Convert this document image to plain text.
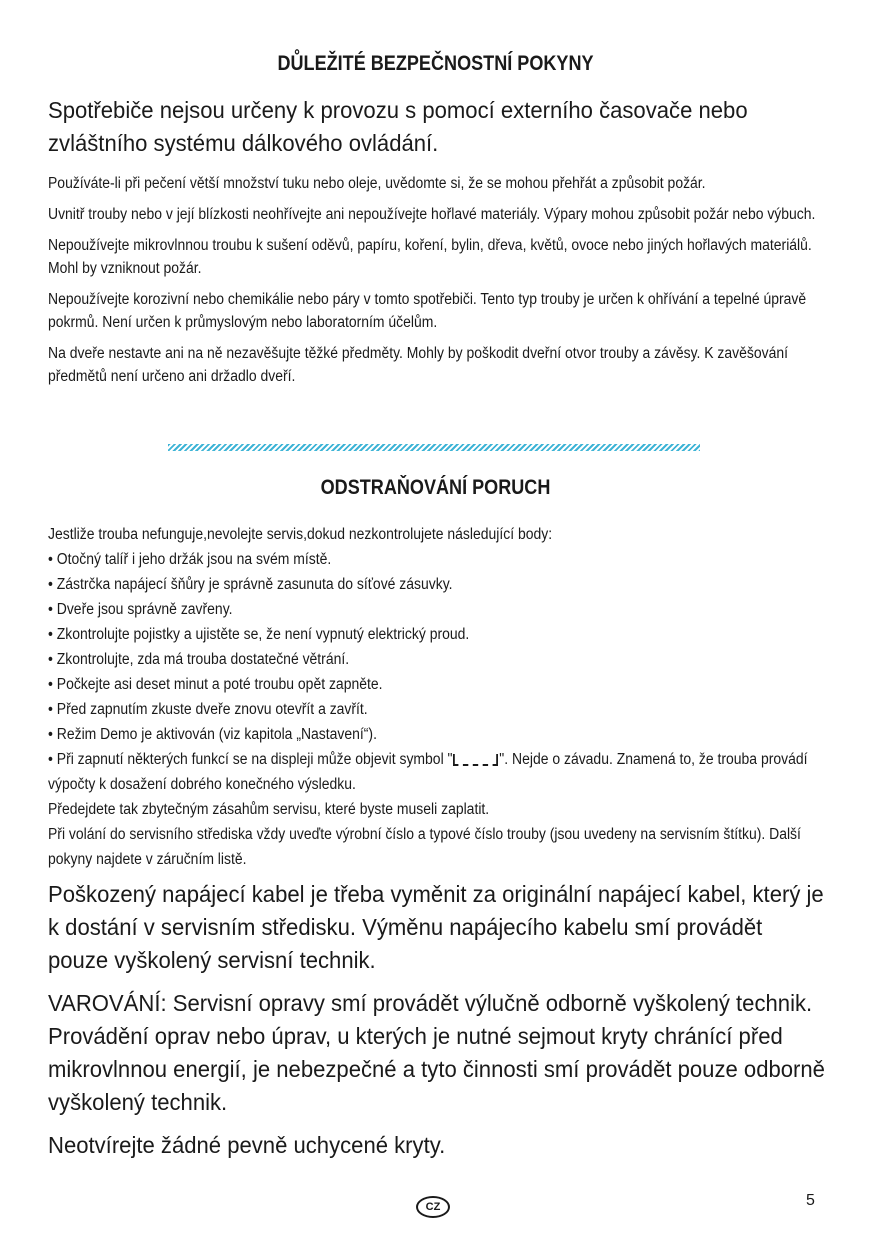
DŮLEŽITÉ BEZPEČNOSTNÍ POKYNY

Spotřebiče nejsou určeny k provozu s pomocí externího časovače nebo zvláštního systému dálkového ovládání.

Používáte-li při pečení větší množství tuku nebo oleje, uvědomte si, že se mohou přehřát a způsobit požár.

Uvnitř trouby nebo v její blízkosti neohřívejte ani nepoužívejte hořlavé materiály. Výpary mohou způsobit požár nebo výbuch.

Nepoužívejte mikrovlnnou troubu k sušení oděvů, papíru, koření, bylin, dřeva, květů, ovoce nebo jiných hořlavých materiálů. Mohl by vzniknout požár.

Nepoužívejte korozivní nebo chemikálie nebo páry v tomto spotřebiči. Tento typ trouby je určen k ohřívání a tepelné úpravě pokrmů. Není určen k průmyslovým nebo laboratorním účelům.

Na dveře nestavte ani na ně nezavěšujte těžké předměty. Mohly by poškodit dveřní otvor trouby a závěsy. K zavěšování předmětů není určeno ani držadlo dveří.

ODSTRAŇOVÁNÍ PORUCH

Jestliže trouba nefunguje,nevolejte servis,dokud nezkontrolujete následující body:

• Otočný talíř i jeho držák jsou na svém místě.

• Zástrčka napájecí šňůry je správně zasunuta do síťové zásuvky.

• Dveře jsou správně zavřeny.

• Zkontrolujte pojistky a ujistěte se, že není vypnutý elektrický proud.

• Zkontrolujte, zda má trouba dostatečné větrání.

• Počkejte asi deset minut a poté troubu opět zapněte.

• Před zapnutím zkuste dveře znovu otevřít a zavřít.

• Režim Demo je aktivován (viz kapitola „Nastavení“).

• Při zapnutí některých funkcí se na displeji může objevit symbol "	". Nejde o závadu. Znamená to, že trouba provádí výpočty k dosažení dobrého konečného výsledku.

Předejdete tak zbytečným zásahům servisu, které byste museli zaplatit.

Při volání do servisního střediska vždy uveďte výrobní číslo a typové číslo trouby (jsou uvedeny na servisním štítku). Další pokyny najdete v záručním listě.

Poškozený napájecí kabel je třeba vyměnit za originální napájecí kabel, který je k dostání v servisním středisku. Výměnu napájecího kabelu smí provádět pouze vyškolený servisní technik.

VAROVÁNÍ: Servisní opravy smí provádět výlučně odborně vyškolený technik. Provádění oprav nebo úprav, u kterých je nutné sejmout kryty chránící před mikrovlnnou energií, je nebezpečné a tyto činnosti smí provádět pouze odborně vyškolený technik.

Neotvírejte žádné pevně uchycené kryty.

CZ	5
